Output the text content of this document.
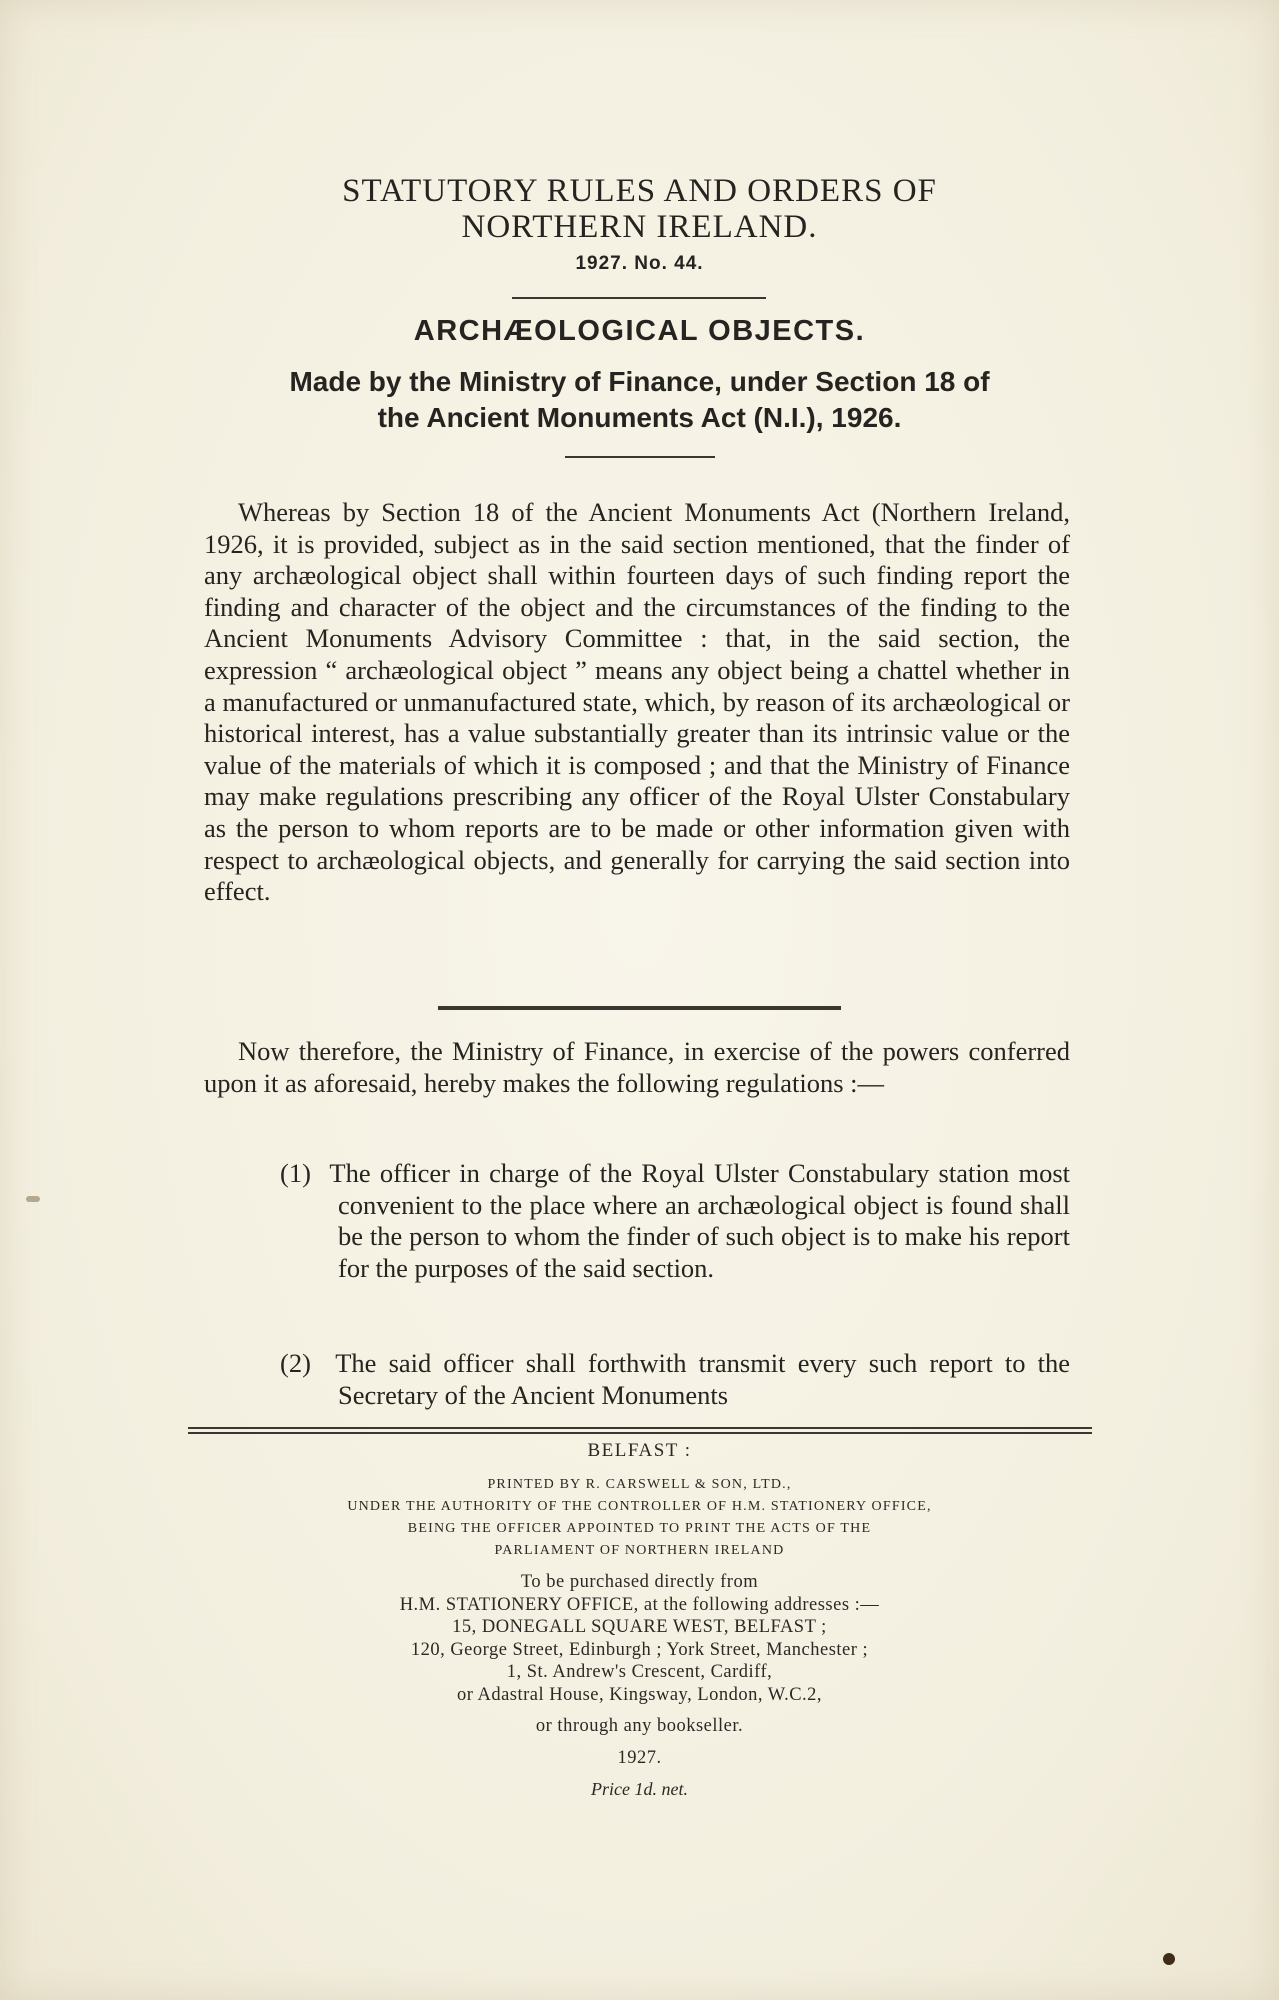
STATUTORY RULES AND ORDERS OF
NORTHERN IRELAND.
1927. No. 44.
ARCHÆOLOGICAL OBJECTS.
Made by the Ministry of Finance, under Section 18 of
the Ancient Monuments Act (N.I.), 1926.
Whereas by Section 18 of the Ancient Monuments Act (Northern Ireland, 1926, it is provided, subject as in the said section mentioned, that the finder of any archæological object shall within fourteen days of such finding report the finding and character of the object and the circumstances of the finding to the Ancient Monuments Advisory Committee : that, in the said section, the expression “ archæological object ” means any object being a chattel whether in a manufactured or unmanufactured state, which, by reason of its archæological or historical interest, has a value substantially greater than its intrinsic value or the value of the materials of which it is composed ; and that the Ministry of Finance may make regulations prescribing any officer of the Royal Ulster Constabulary as the person to whom reports are to be made or other information given with respect to archæological objects, and generally for carrying the said section into effect.
Now therefore, the Ministry of Finance, in exercise of the powers conferred upon it as aforesaid, hereby makes the following regulations :—
(1) The officer in charge of the Royal Ulster Constabulary station most convenient to the place where an archæological object is found shall be the person to whom the finder of such object is to make his report for the purposes of the said section.
(2) The said officer shall forthwith transmit every such report to the Secretary of the Ancient Monuments
BELFAST :
PRINTED BY R. CARSWELL & SON, LTD.,
UNDER THE AUTHORITY OF THE CONTROLLER OF H.M. STATIONERY OFFICE,
BEING THE OFFICER APPOINTED TO PRINT THE ACTS OF THE
PARLIAMENT OF NORTHERN IRELAND
To be purchased directly from
H.M. STATIONERY OFFICE, at the following addresses :—
15, DONEGALL SQUARE WEST, BELFAST ;
120, George Street, Edinburgh ; York Street, Manchester ;
1, St. Andrew's Crescent, Cardiff,
or Adastral House, Kingsway, London, W.C.2,
or through any bookseller.
1927.
Price 1d. net.
